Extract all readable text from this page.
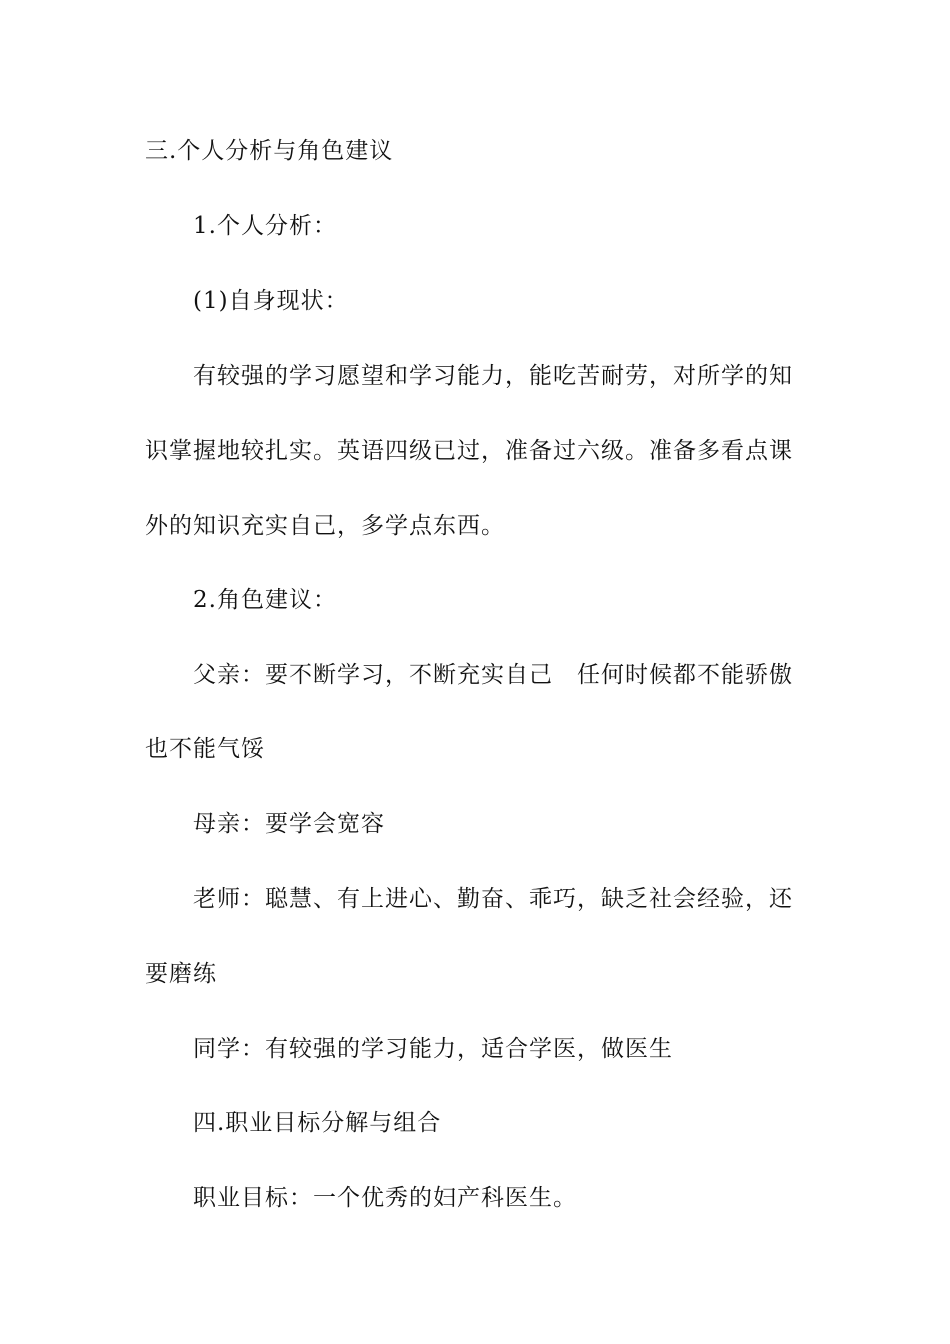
三.个人分析与角色建议
1.个人分析：
(1)自身现状：
有较强的学习愿望和学习能力，能吃苦耐劳，对所学的知
识掌握地较扎实。英语四级已过，准备过六级。准备多看点课
外的知识充实自己，多学点东西。
2.角色建议：
父亲：要不断学习，不断充实自己　任何时候都不能骄傲
也不能气馁
母亲：要学会宽容
老师：聪慧、有上进心、勤奋、乖巧，缺乏社会经验，还
要磨练
同学：有较强的学习能力，适合学医，做医生
四.职业目标分解与组合
职业目标：一个优秀的妇产科医生。
